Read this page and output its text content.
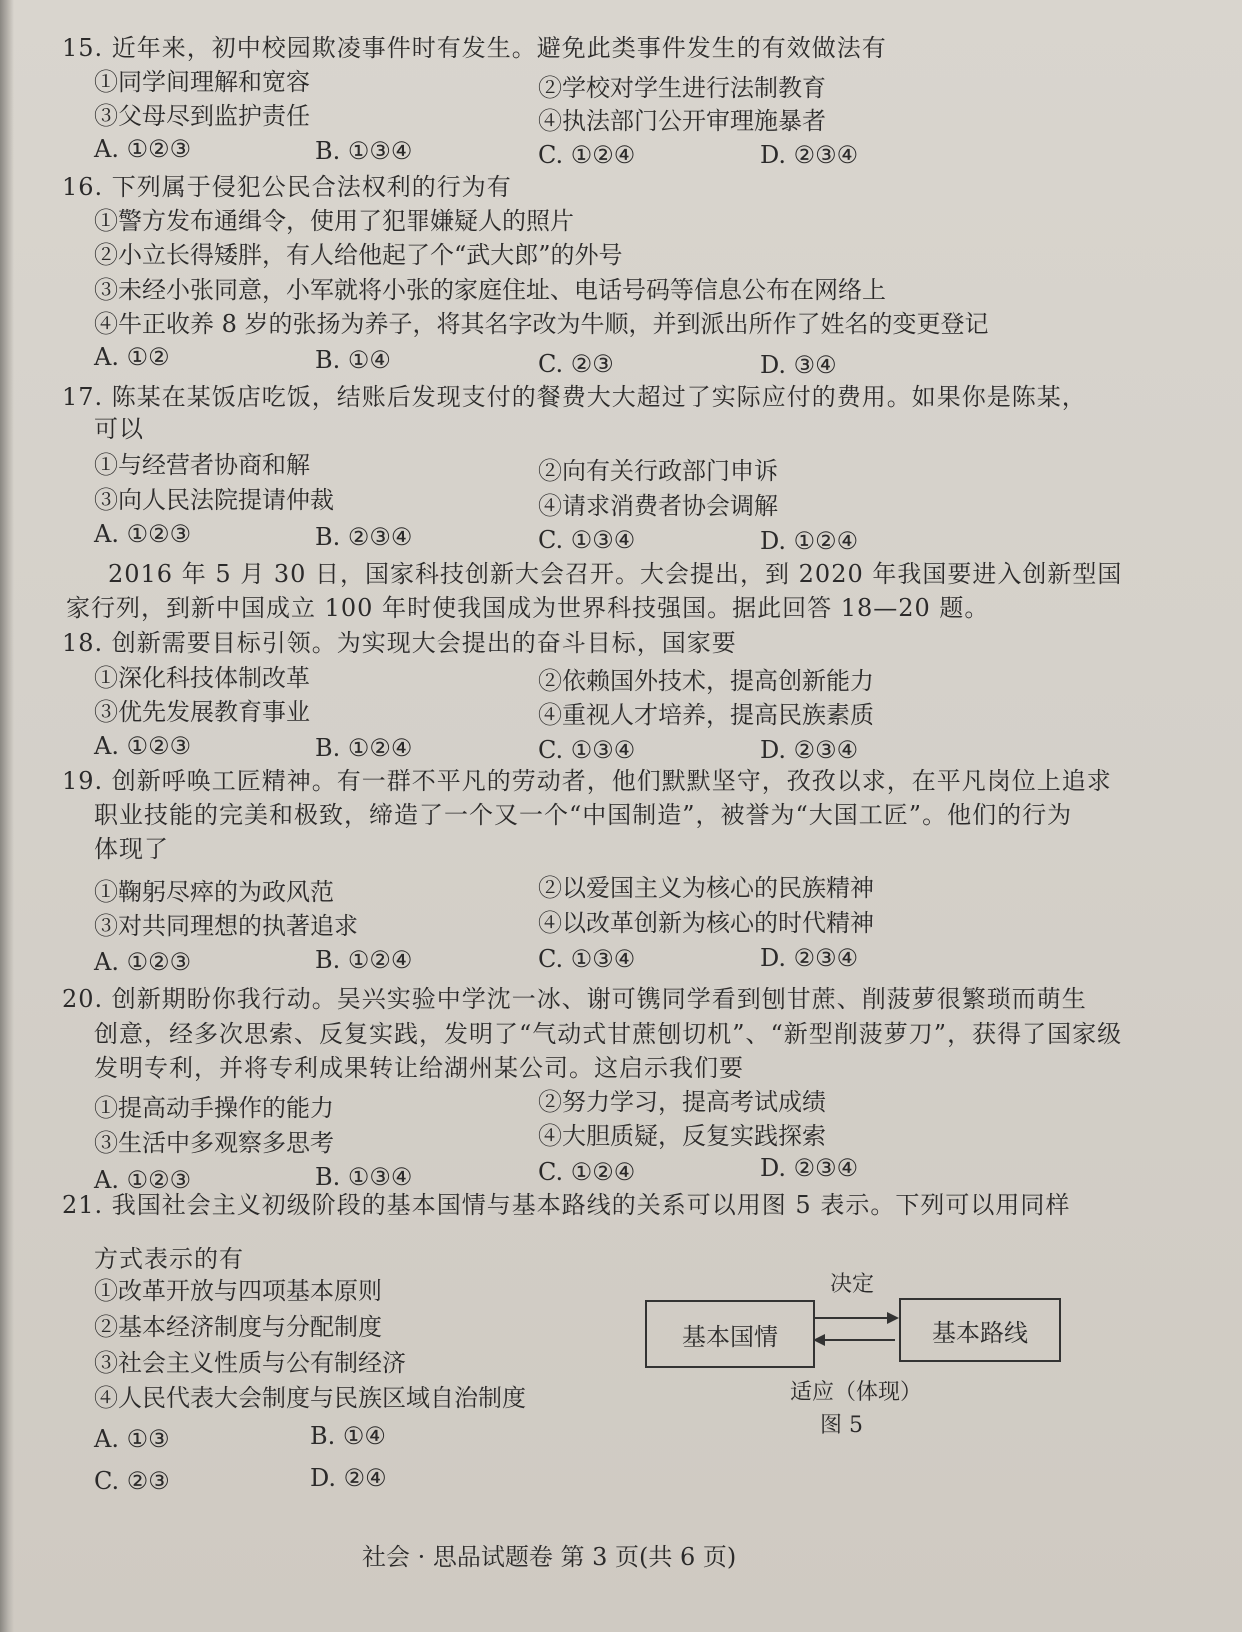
15. 近年来，初中校园欺凌事件时有发生。避免此类事件发生的有效做法有
①同学间理解和宽容	②学校对学生进行法制教育
③父母尽到监护责任	④执法部门公开审理施暴者
A. ①②③	B. ①③④	C. ①②④	D. ②③④
16. 下列属于侵犯公民合法权利的行为有
①警方发布通缉令，使用了犯罪嫌疑人的照片
②小立长得矮胖，有人给他起了个“武大郎”的外号
③未经小张同意，小军就将小张的家庭住址、电话号码等信息公布在网络上
④牛正收养 8 岁的张扬为养子，将其名字改为牛顺，并到派出所作了姓名的变更登记
A. ①②	B. ①④	C. ②③	D. ③④
17. 陈某在某饭店吃饭，结账后发现支付的餐费大大超过了实际应付的费用。如果你是陈某，
可以
①与经营者协商和解	②向有关行政部门申诉
③向人民法院提请仲裁	④请求消费者协会调解
A. ①②③	B. ②③④	C. ①③④	D. ①②④
2016 年 5 月 30 日，国家科技创新大会召开。大会提出，到 2020 年我国要进入创新型国
家行列，到新中国成立 100 年时使我国成为世界科技强国。据此回答 18—20 题。
18. 创新需要目标引领。为实现大会提出的奋斗目标，国家要
①深化科技体制改革	②依赖国外技术，提高创新能力
③优先发展教育事业	④重视人才培养，提高民族素质
A. ①②③	B. ①②④	C. ①③④	D. ②③④
19. 创新呼唤工匠精神。有一群不平凡的劳动者，他们默默坚守，孜孜以求，在平凡岗位上追求
职业技能的完美和极致，缔造了一个又一个“中国制造”，被誉为“大国工匠”。他们的行为
体现了
①鞠躬尽瘁的为政风范	②以爱国主义为核心的民族精神
③对共同理想的执著追求	④以改革创新为核心的时代精神
A. ①②③	B. ①②④	C. ①③④	D. ②③④
20. 创新期盼你我行动。吴兴实验中学沈一冰、谢可镌同学看到刨甘蔗、削菠萝很繁琐而萌生
创意，经多次思索、反复实践，发明了“气动式甘蔗刨切机”、“新型削菠萝刀”，获得了国家级
发明专利，并将专利成果转让给湖州某公司。这启示我们要
①提高动手操作的能力	②努力学习，提高考试成绩
③生活中多观察多思考	④大胆质疑，反复实践探索
A. ①②③	B. ①③④	C. ①②④	D. ②③④
21. 我国社会主义初级阶段的基本国情与基本路线的关系可以用图 5 表示。下列可以用同样
方式表示的有
①改革开放与四项基本原则
②基本经济制度与分配制度
③社会主义性质与公有制经济
④人民代表大会制度与民族区域自治制度
A. ①③	B. ①④
C. ②③	D. ②④
决定
基本国情	基本路线
适应（体现）
图 5
社会 · 思品试题卷 第 3 页(共 6 页)
